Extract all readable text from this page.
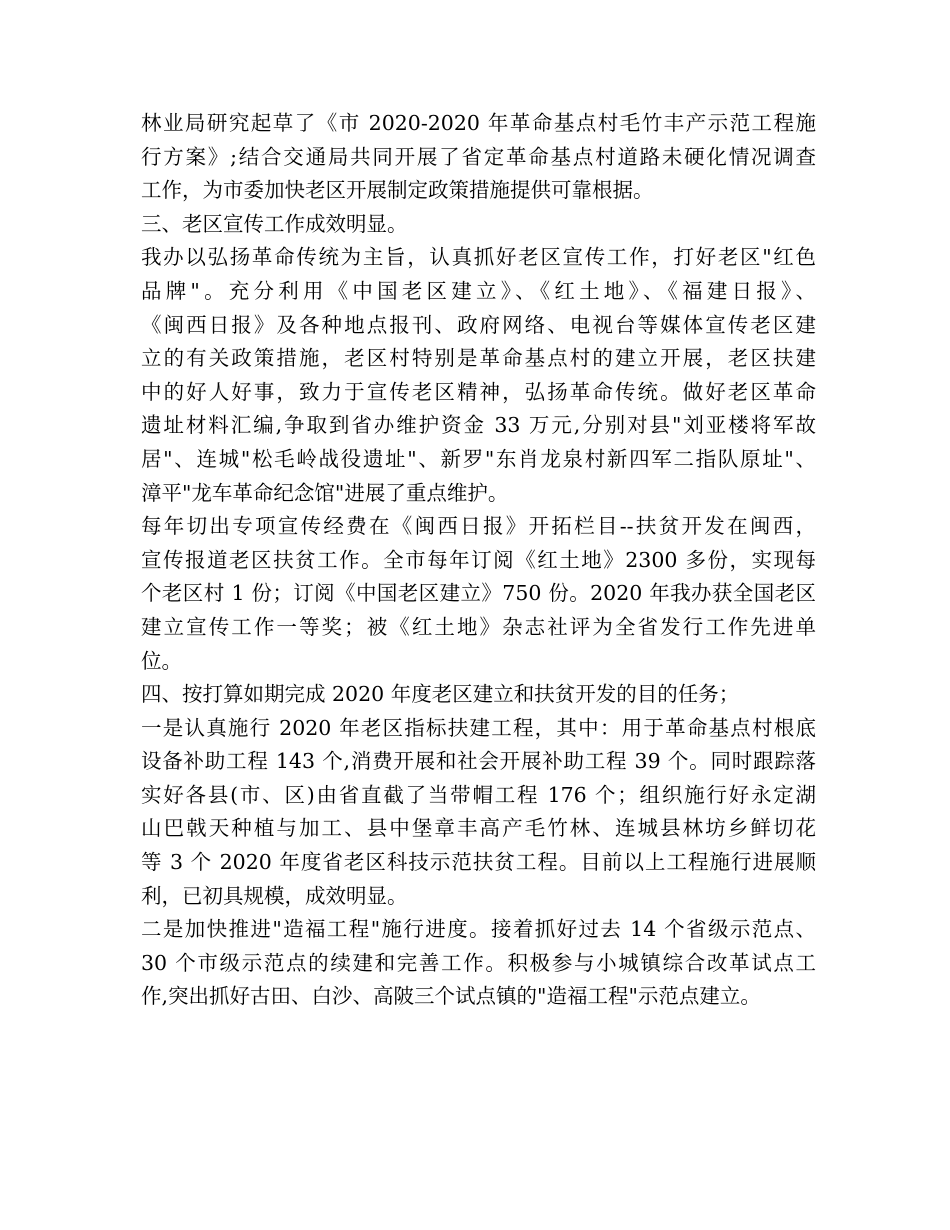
林业局研究起草了《市 2020-2020 年革命基点村毛竹丰产示范工程施
行方案》;结合交通局共同开展了省定革命基点村道路未硬化情况调查
工作，为市委加快老区开展制定政策措施提供可靠根据。
三、老区宣传工作成效明显。
我办以弘扬革命传统为主旨，认真抓好老区宣传工作，打好老区"红色
品牌"。充分利用《中国老区建立》、《红土地》、《福建日报》、
《闽西日报》及各种地点报刊、政府网络、电视台等媒体宣传老区建
立的有关政策措施，老区村特别是革命基点村的建立开展，老区扶建
中的好人好事，致力于宣传老区精神，弘扬革命传统。做好老区革命
遗址材料汇编,争取到省办维护资金 33 万元,分别对县"刘亚楼将军故
居"、连城"松毛岭战役遗址"、新罗"东肖龙泉村新四军二指队原址"、
漳平"龙车革命纪念馆"进展了重点维护。
每年切出专项宣传经费在《闽西日报》开拓栏目--扶贫开发在闽西，
宣传报道老区扶贫工作。全市每年订阅《红土地》2300 多份，实现每
个老区村 1 份；订阅《中国老区建立》750 份。2020 年我办获全国老区
建立宣传工作一等奖；被《红土地》杂志社评为全省发行工作先进单
位。
四、按打算如期完成 2020 年度老区建立和扶贫开发的目的任务；
一是认真施行 2020 年老区指标扶建工程，其中：用于革命基点村根底
设备补助工程 143 个,消费开展和社会开展补助工程 39 个。同时跟踪落
实好各县(市、区)由省直截了当带帽工程 176 个；组织施行好永定湖
山巴戟天种植与加工、县中堡章丰高产毛竹林、连城县林坊乡鲜切花
等 3 个 2020 年度省老区科技示范扶贫工程。目前以上工程施行进展顺
利，已初具规模，成效明显。
二是加快推进"造福工程"施行进度。接着抓好过去 14 个省级示范点、
30 个市级示范点的续建和完善工作。积极参与小城镇综合改革试点工
作,突出抓好古田、白沙、高陂三个试点镇的"造福工程"示范点建立。
